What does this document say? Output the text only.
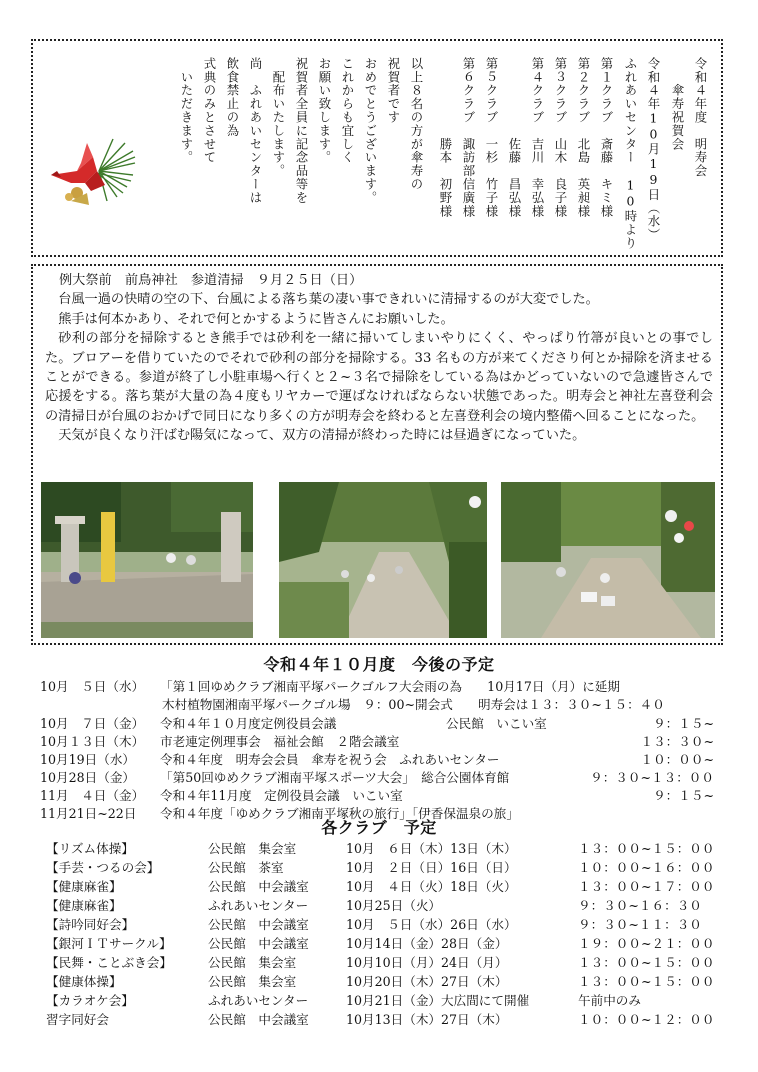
令和４年度　明寿会
　　傘寿祝賀会
令和４年10月19日（水）
ふれあいセンター　10時より
第１クラブ　斎藤　キミ様
第２クラブ　北島　英昶様
第３クラブ　山木　良子様
第４クラブ　吉川　幸弘様
　　　　　　佐藤　昌弘様
第５クラブ　一杉　竹子様
第６クラブ　諏訪部信廣様
　　　　　　勝本　初野様
以上８名の方が傘寿の
祝賀者です
おめでとうございます。
これからも宜しく
お願い致します。
祝賀者全員に記念品等を
　配布いたします。
尚　ふれあいセンターは
飲食禁止の為
式典のみとさせて
　いただきます。

例大祭前　前鳥神社　参道清掃　９月２５日（日）

台風一過の快晴の空の下、台風による落ち葉の凄い事できれいに清掃するのが大変でした。

熊手は何本かあり、それで何とかするように皆さんにお願いした。

砂利の部分を掃除するとき熊手では砂利を一緒に掃いてしまいやりにくく、やっぱり竹箒が良いとの事でした。ブロアーを借りていたのでそれで砂利の部分を掃除する。33 名もの方が来てくださり何とか掃除を済ませることができる。参道が終了し小駐車場へ行くと２~３名で掃除をしている為はかどっていないので急遽皆さんで応援をする。落ち葉が大量の為４度もリヤカーで運ばなければならない状態であった。明寿会と神社左喜登利会の清掃日が台風のおかげで同日になり多くの方が明寿会を終わると左喜登利会の境内整備へ回ることになった。

天気が良くなり汗ばむ陽気になって、双方の清掃が終わった時には昼過ぎになっていた。

令和４年１０月度　今後の予定
10月　５日（水） 「第１回ゆめクラブ湘南平塚パークゴルフ大会雨の為　　10月17日（月）に延期
木村植物園湘南平塚パークゴル場　９：00~開会式　　明寿会は１３：３０~１５：４０
10月　７日（金） 令和４年１０月度定例役員会議	公民館　いこい室	９：１５~
10月１３日（木） 市老連定例理事会　福祉会館　２階会議室	１３：３０~
10月19日（水） 令和４年度　明寿会会員　傘寿を祝う会　ふれあいセンター	１０：００~
10月28日（金） 「第50回ゆめクラブ湘南平塚スポーツ大会」　総合公園体育館	９：３０~１３：００
11月　４日（金） 令和４年11月度　定例役員会議　いこい室	９：１５~
11月21日~22日 令和４年度「ゆめクラブ湘南平塚秋の旅行」「伊香保温泉の旅」
各クラブ　予定
【リズム体操】	公民館　集会室	10月　６日（木）13日（木）	１３：００~１５：００
【手芸・つるの会】	公民館　茶室	10月　２日（日）16日（日）	１０：００~１６：００
【健康麻雀】	公民館　中会議室	10月　４日（火）18日（火）	１３：００~１７：００
【健康麻雀】	ふれあいセンター	10月25日（火）	９：３０~１６：３０
【詩吟同好会】	公民館　中会議室	10月　５日（水）26日（水）	９：３０~１１：３０
【銀河ＩＴサークル】	公民館　中会議室	10月14日（金）28日（金）	１９：００~２１：００
【民舞・ことぶき会】	公民館　集会室	10月10日（月）24日（月）	１３：００~１５：００
【健康体操】	公民館　集会室	10月20日（木）27日（木）	１３：００~１５：００
【カラオケ会】	ふれあいセンター	10月21日（金）大広間にて開催	午前中のみ
習字同好会	公民館　中会議室	10月13日（木）27日（木）	１０：００~１２：００
